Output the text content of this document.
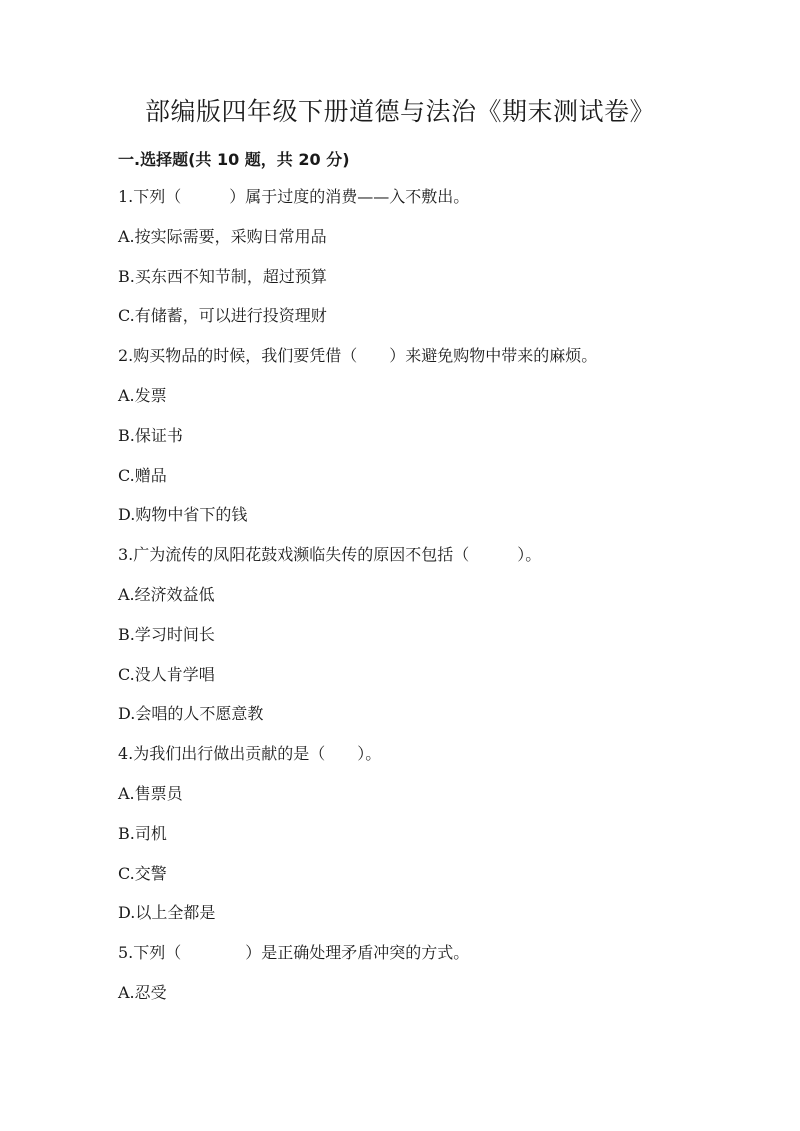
部编版四年级下册道德与法治《期末测试卷》
一.选择题(共 10 题，共 20 分)
1.下列（　　　）属于过度的消费——入不敷出。
A.按实际需要，采购日常用品
B.买东西不知节制，超过预算
C.有储蓄，可以进行投资理财
2.购买物品的时候，我们要凭借（　　）来避免购物中带来的麻烦。
A.发票
B.保证书
C.赠品
D.购物中省下的钱
3.广为流传的凤阳花鼓戏濒临失传的原因不包括（　　　）。
A.经济效益低
B.学习时间长
C.没人肯学唱
D.会唱的人不愿意教
4.为我们出行做出贡献的是（　　）。
A.售票员
B.司机
C.交警
D.以上全都是
5.下列（　　　　）是正确处理矛盾冲突的方式。
A.忍受
